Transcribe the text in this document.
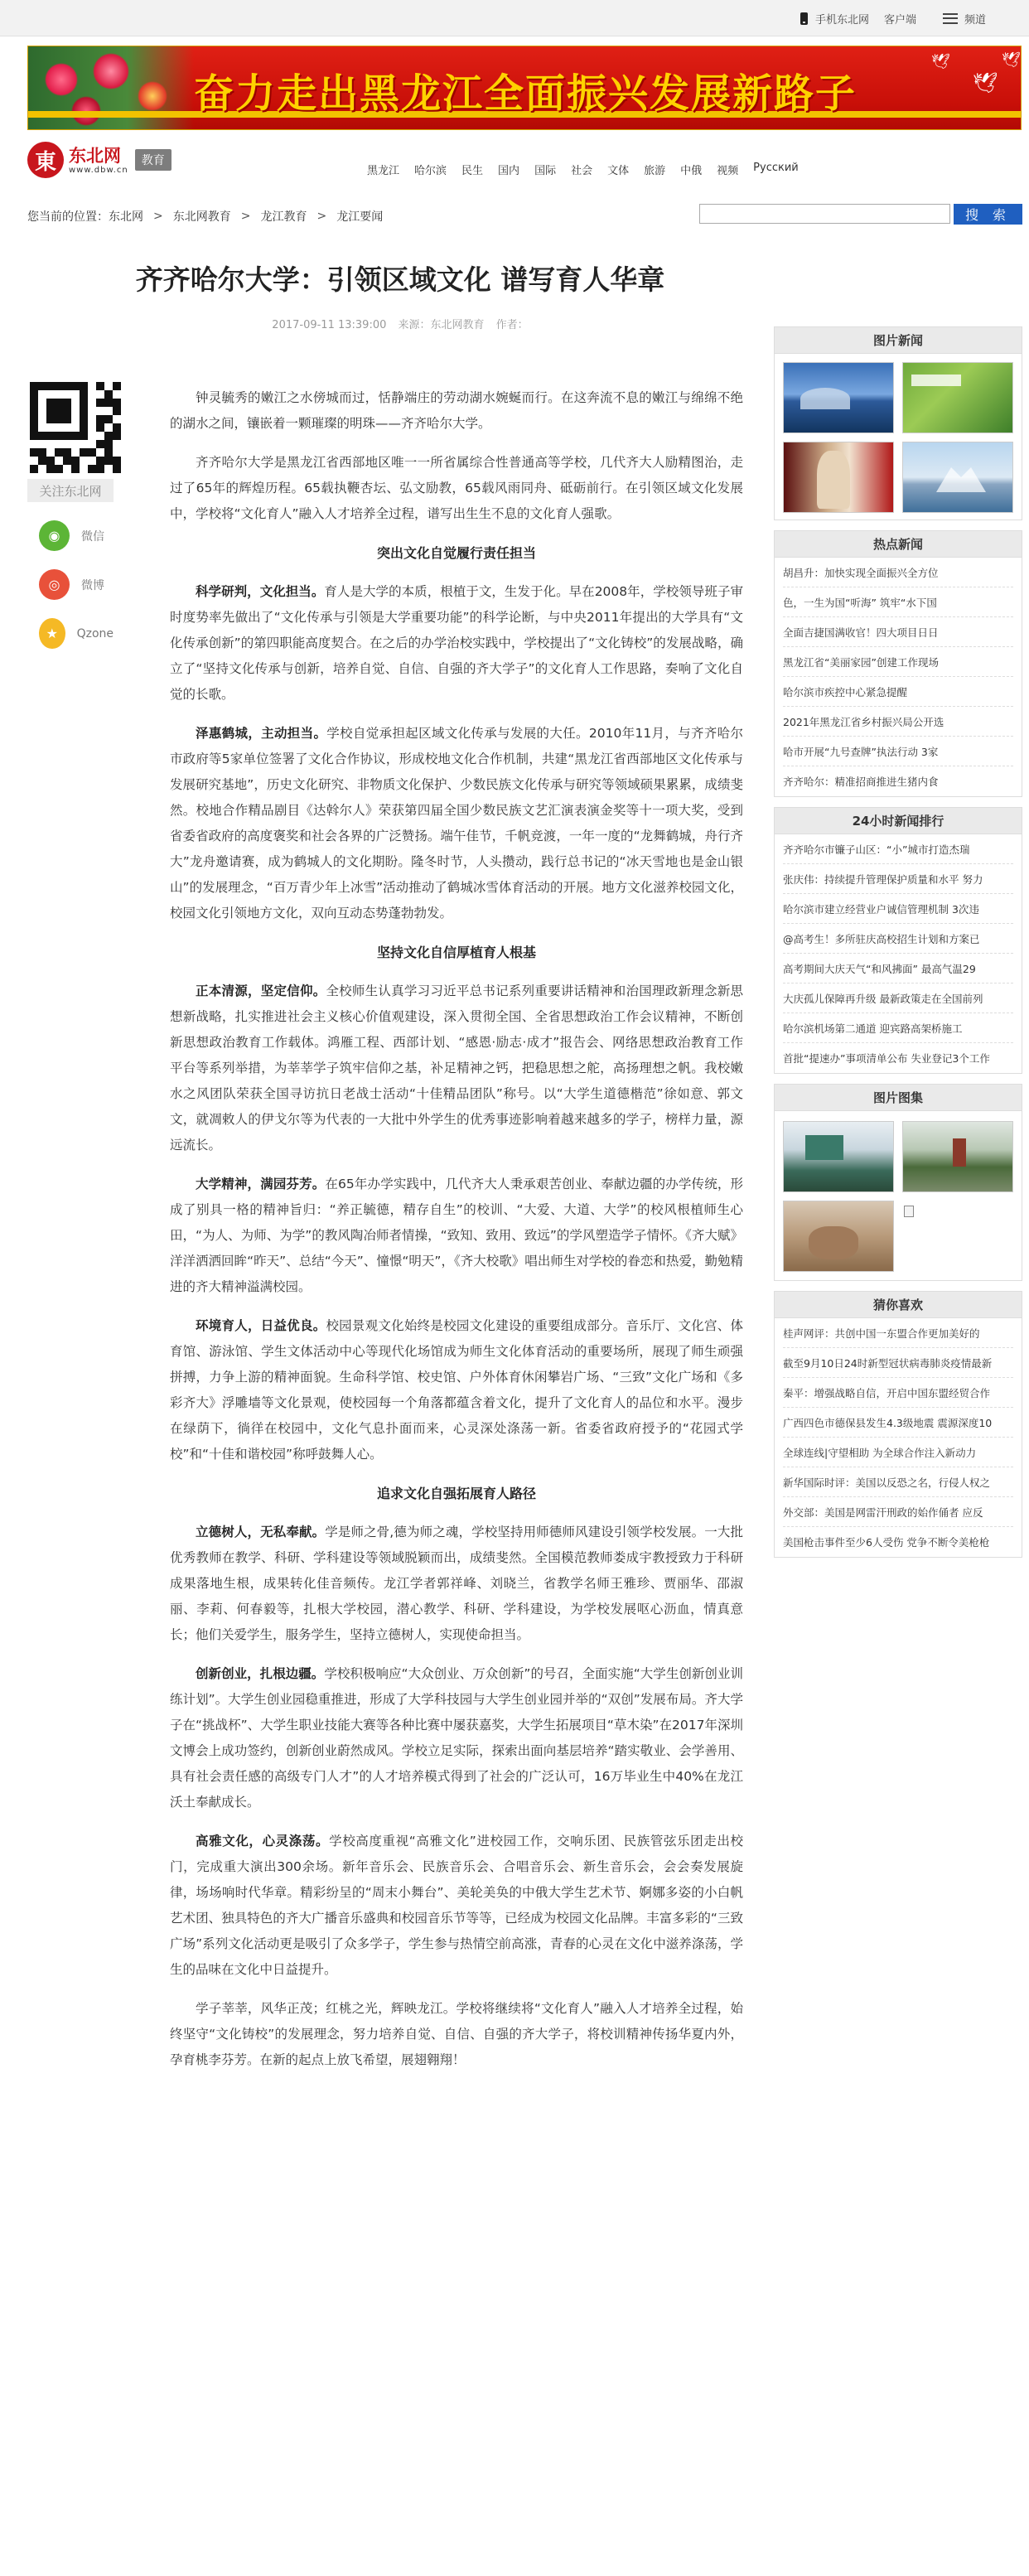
手机东北网 客户端	频道
🕊
🕊
🕊
奋力走出黑龙江全面振兴发展新路子
東 东北网
www.dbw.cn
教育
黑龙江 哈尔滨 民生 国内 国际 社会 文体 旅游 中俄 视频 Русский
您当前的位置： 东北网 > 东北网教育 > 龙江教育 > 龙江要闻	搜 索
齐齐哈尔大学：引领区域文化 谱写育人华章
2017-09-11 13:39:00 来源：东北网教育 作者：
关注东北网
◉	微信
◎	微博
★	Qzone

钟灵毓秀的嫩江之水傍城而过，恬静端庄的劳动湖水婉蜒而行。在这奔流不息的嫩江与绵绵不绝的湖水之间，镶嵌着一颗璀璨的明珠——齐齐哈尔大学。

齐齐哈尔大学是黑龙江省西部地区唯一一所省属综合性普通高等学校，几代齐大人励精图治，走过了65年的辉煌历程。65载执鞭杏坛、弘文励教，65载风雨同舟、砥砺前行。在引领区域文化发展中，学校将“文化育人”融入人才培养全过程，谱写出生生不息的文化育人强歌。

突出文化自觉履行责任担当

科学研判，文化担当。育人是大学的本质，根植于文，生发于化。早在2008年，学校领导班子审时度势率先做出了“文化传承与引领是大学重要功能”的科学论断，与中央2011年提出的大学具有“文化传承创新”的第四职能高度契合。在之后的办学治校实践中，学校提出了“文化铸校”的发展战略，确立了“坚持文化传承与创新，培养自觉、自信、自强的齐大学子”的文化育人工作思路，奏响了文化自觉的长歌。

泽惠鹤城，主动担当。学校自觉承担起区域文化传承与发展的大任。2010年11月，与齐齐哈尔市政府等5家单位签署了文化合作协议，形成校地文化合作机制，共建“黑龙江省西部地区文化传承与发展研究基地”，历史文化研究、非物质文化保护、少数民族文化传承与研究等领域硕果累累，成绩斐然。校地合作精品剧目《达斡尔人》荣获第四届全国少数民族文艺汇演表演金奖等十一项大奖，受到省委省政府的高度褒奖和社会各界的广泛赞扬。端午佳节，千帆竞渡，一年一度的“龙舞鹤城，舟行齐大”龙舟邀请赛，成为鹤城人的文化期盼。隆冬时节，人头攒动，践行总书记的“冰天雪地也是金山银山”的发展理念，“百万青少年上冰雪”活动推动了鹤城冰雪体育活动的开展。地方文化滋养校园文化，校园文化引领地方文化，双向互动态势蓬勃勃发。

坚持文化自信厚植育人根基

正本清源，坚定信仰。全校师生认真学习习近平总书记系列重要讲话精神和治国理政新理念新思想新战略，扎实推进社会主义核心价值观建设，深入贯彻全国、全省思想政治工作会议精神，不断创新思想政治教育工作载体。鸿雁工程、西部计划、“感恩·励志·成才”报告会、网络思想政治教育工作平台等系列举措，为莘莘学子筑牢信仰之基，补足精神之钙，把稳思想之舵，高扬理想之帆。我校嫩水之风团队荣获全国寻访抗日老战士活动“十佳精品团队”称号。以“大学生道德楷范”徐如意、郭文文，就凋敕人的伊戈尔等为代表的一大批中外学生的优秀事迹影响着越来越多的学子，榜样力量，源远流长。

大学精神，满园芬芳。在65年办学实践中，几代齐大人秉承艰苦创业、奉献边疆的办学传统，形成了别具一格的精神旨归：“养正毓德，精存自生”的校训、“大爱、大道、大学”的校风根植师生心田，“为人、为师、为学”的教风陶冶师者情操，“致知、致用、致远”的学风塑造学子情怀。《齐大赋》洋洋洒洒回眸“昨天”、总结“今天”、憧憬“明天”，《齐大校歌》唱出师生对学校的眷恋和热爱，勤勉精进的齐大精神溢满校园。

环境育人，日益优良。校园景观文化始终是校园文化建设的重要组成部分。音乐厅、文化宫、体育馆、游泳馆、学生文体活动中心等现代化场馆成为师生文化体育活动的重要场所，展现了师生顽强拼搏，力争上游的精神面貌。生命科学馆、校史馆、户外体育休闲攀岩广场、“三致”文化广场和《多彩齐大》浮雕墙等文化景观，使校园每一个角落都蕴含着文化，提升了文化育人的品位和水平。漫步在绿荫下，徜徉在校园中，文化气息扑面而来，心灵深处涤荡一新。省委省政府授予的“花园式学校”和“十佳和谐校园”称呼鼓舞人心。

追求文化自强拓展育人路径

立德树人，无私奉献。学是师之骨,德为师之魂，学校坚持用师德师风建设引领学校发展。一大批优秀教师在教学、科研、学科建设等领域脱颖而出，成绩斐然。全国模范教师娄成宇教授致力于科研成果落地生根，成果转化佳音频传。龙江学者郭祥峰、刘晓兰，省教学名师王雅珍、贾丽华、邵淑丽、李莉、何春毅等，扎根大学校园，潜心教学、科研、学科建设，为学校发展呕心沥血，情真意长；他们关爱学生，服务学生，坚持立德树人，实现使命担当。

创新创业，扎根边疆。学校积极响应“大众创业、万众创新”的号召，全面实施“大学生创新创业训练计划”。大学生创业园稳重推进，形成了大学科技园与大学生创业园并举的“双创”发展布局。齐大学子在“挑战杯”、大学生职业技能大赛等各种比赛中屡获嘉奖，大学生拓展项目“草木染”在2017年深圳文博会上成功签约，创新创业蔚然成风。学校立足实际，探索出面向基层培养“踏实敬业、会学善用、具有社会责任感的高级专门人才”的人才培养模式得到了社会的广泛认可，16万毕业生中40%在龙江沃土奉献成长。

高雅文化，心灵涤荡。学校高度重视“高雅文化”进校园工作，交响乐团、民族管弦乐团走出校门，完成重大演出300余场。新年音乐会、民族音乐会、合唱音乐会、新生音乐会，会会奏发展旋律，场场响时代华章。精彩纷呈的“周末小舞台”、美轮美奂的中俄大学生艺术节、婀娜多姿的小白帆艺术团、独具特色的齐大广播音乐盛典和校园音乐节等等，已经成为校园文化品牌。丰富多彩的“三致广场”系列文化活动更是吸引了众多学子，学生参与热情空前高涨，青春的心灵在文化中滋养涤荡，学生的品味在文化中日益提升。

学子莘莘，风华正茂；红桃之光，辉映龙江。学校将继续将“文化育人”融入人才培养全过程，始终坚守“文化铸校”的发展理念，努力培养自觉、自信、自强的齐大学子，将校训精神传扬华夏内外，孕育桃李芬芳。在新的起点上放飞希望，展翅翱翔！

图片新闻
热点新闻
胡昌升：加快实现全面振兴全方位
色，一生为国“听海” 筑牢“水下国
全面吉捷国满收官！四大项目日日
黑龙江省“美丽家园”创建工作现场
哈尔滨市疾控中心紧急提醒
2021年黑龙江省乡村振兴局公开选
哈市开展“九号查牌”执法行动 3家
齐齐哈尔：精准招商推进生猪内食
24小时新闻排行
齐齐哈尔市镰子山区：“小”城市打造杰瑞
张庆伟：持续提升管理保护质量和水平 努力
哈尔滨市建立经营业户诚信管理机制 3次违
@高考生！多所驻庆高校招生计划和方案已
高考期间大庆天气“和风拂面” 最高气温29
大庆孤儿保障再升级 最新政策走在全国前列
哈尔滨机场第二通道 迎宾路高架桥施工
首批“提速办”事项清单公布 失业登记3个工作
图片图集
猜你喜欢
桂声网评：共创中国一东盟合作更加美好的
截至9月10日24时新型冠状病毒肺炎疫情最新
秦平：增强战略自信，开启中国东盟经贸合作
广西四色市德保县发生4.3级地震 震源深度10
全球连线|守望相助 为全球合作注入新动力
新华国际时评：美国以反恐之名，行侵人权之
外交部：美国是网雷汗刑政的始作俑者 应反
美国枪击事件至少6人受伤 党争不断令美枪枪
